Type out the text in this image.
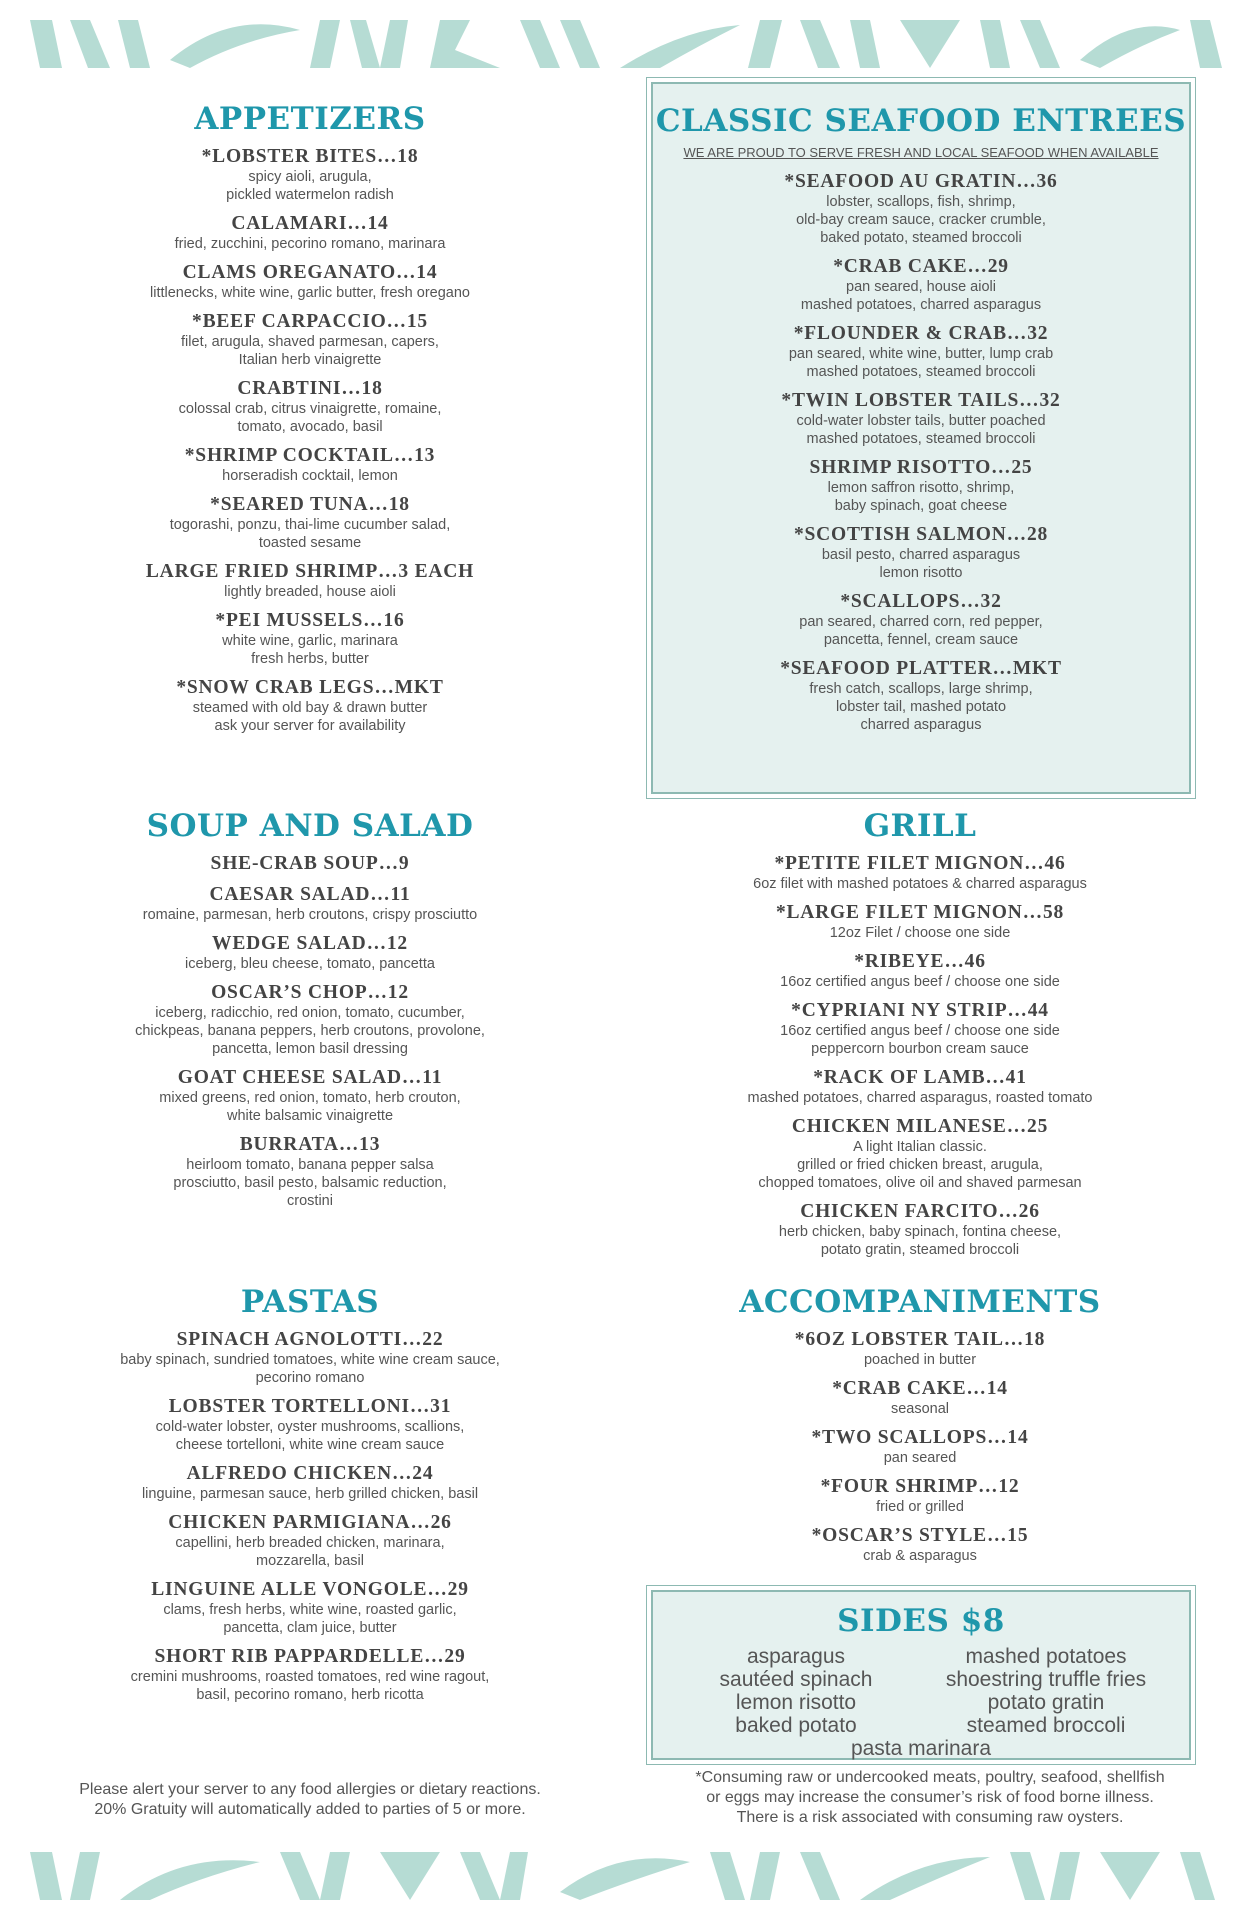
APPETIZERS
*LOBSTER BITES…18
spicy aioli, arugula,
pickled watermelon radish
CALAMARI…14
fried, zucchini, pecorino romano, marinara
CLAMS OREGANATO…14
littlenecks, white wine, garlic butter, fresh oregano
*BEEF CARPACCIO…15
filet, arugula, shaved parmesan, capers,
Italian herb vinaigrette
CRABTINI…18
colossal crab, citrus vinaigrette, romaine,
tomato, avocado, basil
*SHRIMP COCKTAIL…13
horseradish cocktail, lemon
*SEARED TUNA…18
togorashi, ponzu, thai-lime cucumber salad,
toasted sesame
LARGE FRIED SHRIMP…3 EACH
lightly breaded, house aioli
*PEI MUSSELS…16
white wine, garlic, marinara
fresh herbs, butter
*SNOW CRAB LEGS…MKT
steamed with old bay & drawn butter
ask your server for availability
SOUP AND SALAD
SHE-CRAB SOUP…9
CAESAR SALAD…11
romaine, parmesan, herb croutons, crispy prosciutto
WEDGE SALAD…12
iceberg, bleu cheese, tomato, pancetta
OSCAR’S CHOP…12
iceberg, radicchio, red onion, tomato, cucumber,
chickpeas, banana peppers, herb croutons, provolone,
pancetta, lemon basil dressing
GOAT CHEESE SALAD…11
mixed greens, red onion, tomato, herb crouton,
white balsamic vinaigrette
BURRATA…13
heirloom tomato, banana pepper salsa
prosciutto, basil pesto, balsamic reduction,
crostini
PASTAS
SPINACH AGNOLOTTI…22
baby spinach, sundried tomatoes, white wine cream sauce,
pecorino romano
LOBSTER TORTELLONI…31
cold-water lobster, oyster mushrooms, scallions,
cheese tortelloni, white wine cream sauce
ALFREDO CHICKEN…24
linguine, parmesan sauce, herb grilled chicken, basil
CHICKEN PARMIGIANA…26
capellini, herb breaded chicken, marinara,
mozzarella, basil
LINGUINE ALLE VONGOLE…29
clams, fresh herbs, white wine, roasted garlic,
pancetta, clam juice, butter
SHORT RIB PAPPARDELLE…29
cremini mushrooms, roasted tomatoes, red wine ragout,
basil, pecorino romano, herb ricotta
Please alert your server to any food allergies or dietary reactions.
20% Gratuity will automatically added to parties of 5 or more.
CLASSIC SEAFOOD ENTREES
WE ARE PROUD TO SERVE FRESH AND LOCAL SEAFOOD WHEN AVAILABLE
*SEAFOOD AU GRATIN…36
lobster, scallops, fish, shrimp,
old-bay cream sauce, cracker crumble,
baked potato, steamed broccoli
*CRAB CAKE…29
pan seared, house aioli
mashed potatoes, charred asparagus
*FLOUNDER & CRAB…32
pan seared, white wine, butter, lump crab
mashed potatoes, steamed broccoli
*TWIN LOBSTER TAILS…32
cold-water lobster tails, butter poached
mashed potatoes, steamed broccoli
SHRIMP RISOTTO…25
lemon saffron risotto, shrimp,
baby spinach, goat cheese
*SCOTTISH SALMON…28
basil pesto, charred asparagus
lemon risotto
*SCALLOPS…32
pan seared, charred corn, red pepper,
pancetta, fennel, cream sauce
*SEAFOOD PLATTER…MKT
fresh catch, scallops, large shrimp,
lobster tail, mashed potato
charred asparagus
GRILL
*PETITE FILET MIGNON…46
6oz filet with mashed potatoes & charred asparagus
*LARGE FILET MIGNON…58
12oz Filet / choose one side
*RIBEYE…46
16oz certified angus beef / choose one side
*CYPRIANI NY STRIP…44
16oz certified angus beef / choose one side
peppercorn bourbon cream sauce
*RACK OF LAMB…41
mashed potatoes, charred asparagus, roasted tomato
CHICKEN MILANESE…25
A light Italian classic.
grilled or fried chicken breast, arugula,
chopped tomatoes, olive oil and shaved parmesan
CHICKEN FARCITO…26
herb chicken, baby spinach, fontina cheese,
potato gratin, steamed broccoli
ACCOMPANIMENTS
*6OZ LOBSTER TAIL…18
poached in butter
*CRAB CAKE…14
seasonal
*TWO SCALLOPS…14
pan seared
*FOUR SHRIMP…12
fried or grilled
*OSCAR’S STYLE…15
crab & asparagus
SIDES $8
asparagus	mashed potatoes
sautéed spinach	shoestring truffle fries
lemon risotto	potato gratin
baked potato	steamed broccoli
pasta marinara
*Consuming raw or undercooked meats, poultry, seafood, shellfish
or eggs may increase the consumer’s risk of food borne illness.
There is a risk associated with consuming raw oysters.
